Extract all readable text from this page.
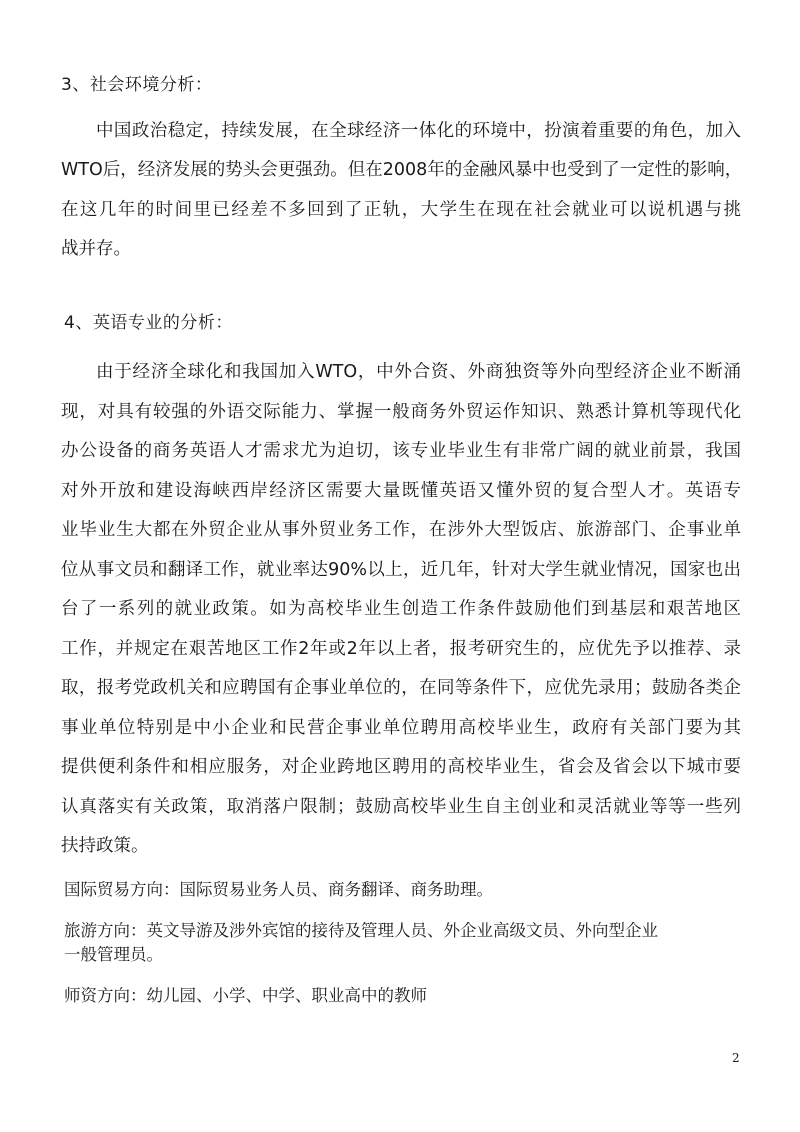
3、社会环境分析：
中国政治稳定，持续发展，在全球经济一体化的环境中，扮演着重要的角色，加入
WTO后，经济发展的势头会更强劲。但在2008年的金融风暴中也受到了一定性的影响，
在这几年的时间里已经差不多回到了正轨，大学生在现在社会就业可以说机遇与挑
战并存。
4、英语专业的分析：
由于经济全球化和我国加入WTO，中外合资、外商独资等外向型经济企业不断涌
现，对具有较强的外语交际能力、掌握一般商务外贸运作知识、熟悉计算机等现代化
办公设备的商务英语人才需求尤为迫切，该专业毕业生有非常广阔的就业前景，我国
对外开放和建设海峡西岸经济区需要大量既懂英语又懂外贸的复合型人才。英语专
业毕业生大都在外贸企业从事外贸业务工作，在涉外大型饭店、旅游部门、企事业单
位从事文员和翻译工作，就业率达90%以上，近几年，针对大学生就业情况，国家也出
台了一系列的就业政策。如为高校毕业生创造工作条件鼓励他们到基层和艰苦地区
工作，并规定在艰苦地区工作2年或2年以上者，报考研究生的，应优先予以推荐、录
取，报考党政机关和应聘国有企事业单位的，在同等条件下，应优先录用；鼓励各类企
事业单位特别是中小企业和民营企事业单位聘用高校毕业生，政府有关部门要为其
提供便利条件和相应服务，对企业跨地区聘用的高校毕业生，省会及省会以下城市要
认真落实有关政策，取消落户限制；鼓励高校毕业生自主创业和灵活就业等等一些列
扶持政策。
国际贸易方向：国际贸易业务人员、商务翻译、商务助理。
旅游方向：英文导游及涉外宾馆的接待及管理人员、外企业高级文员、外向型企业
一般管理员。
师资方向：幼儿园、小学、中学、职业高中的教师
2
